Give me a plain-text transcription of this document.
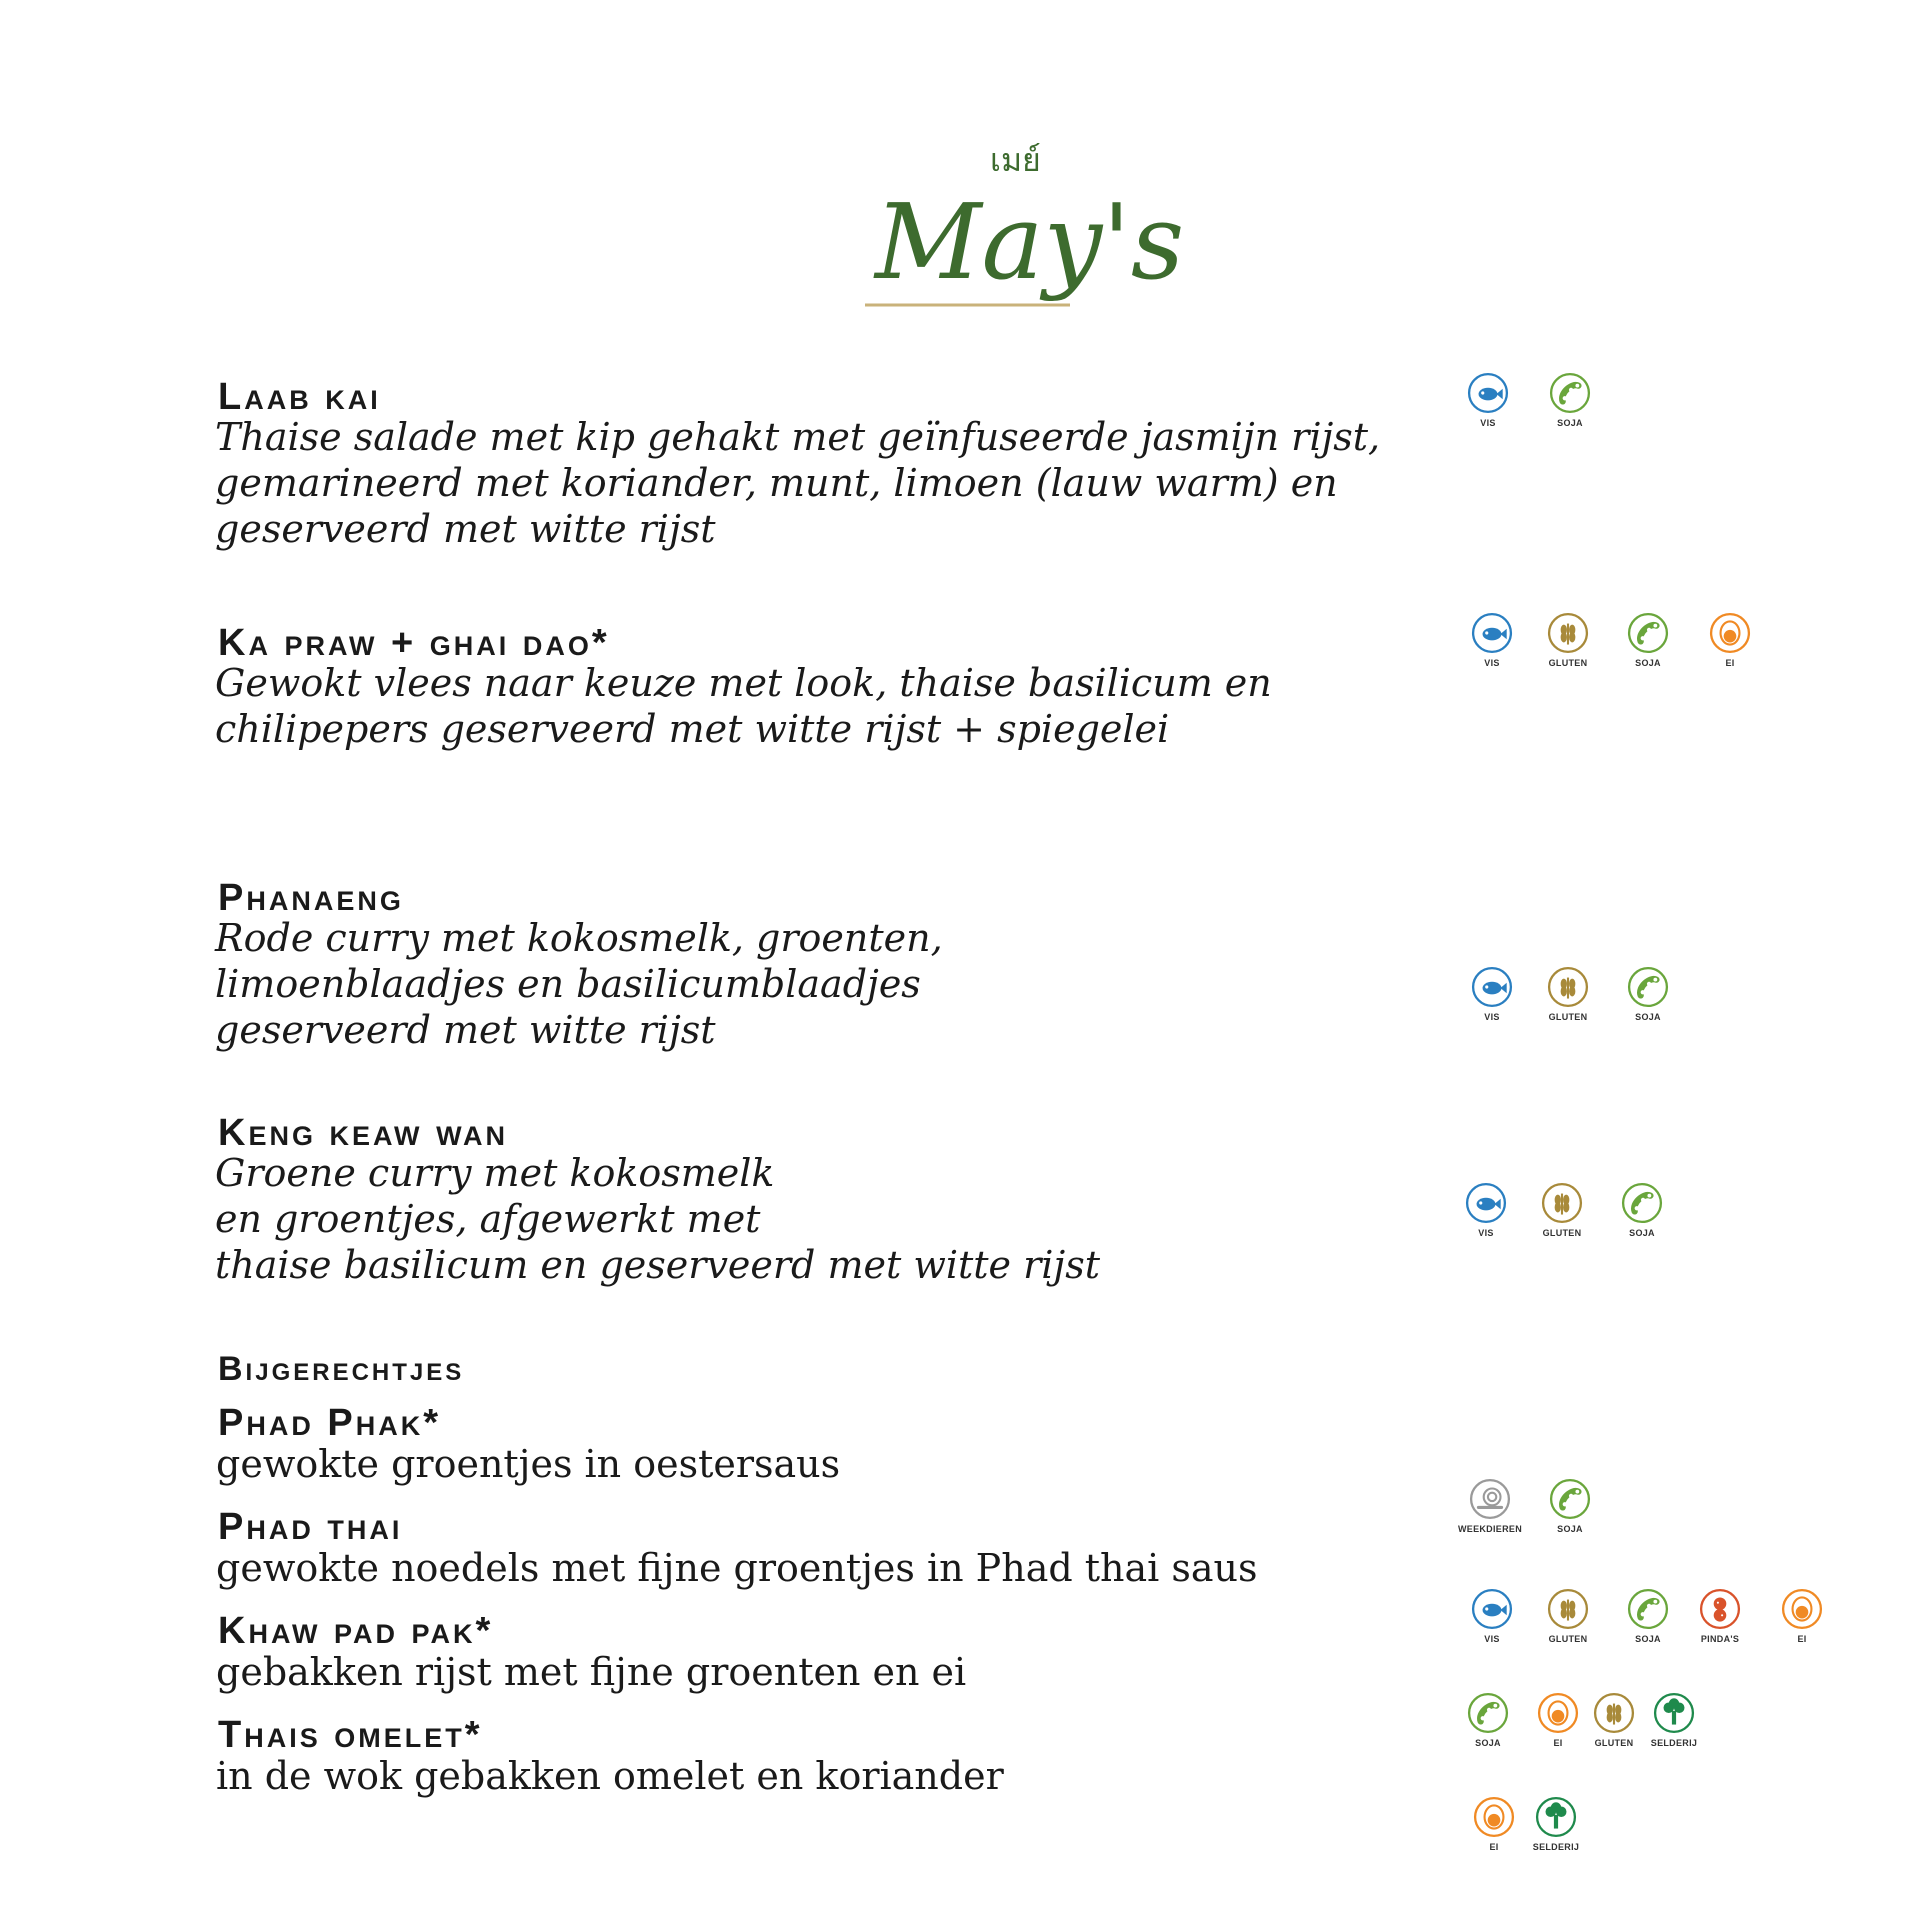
เมย์
May's
Laab kai
Thaise salade met kip gehakt met geïnfuseerde jasmijn rijst,
gemarineerd met koriander, munt, limoen (lauw warm) en
geserveerd met witte rijst
Ka praw + ghai dao*
Gewokt vlees naar keuze met look, thaise basilicum en
chilipepers geserveerd met witte rijst + spiegelei
Phanaeng
Rode curry met kokosmelk, groenten,
limoenblaadjes en basilicumblaadjes
geserveerd met witte rijst
Keng keaw wan
Groene curry met kokosmelk
en groentjes, afgewerkt met
thaise basilicum en geserveerd met witte rijst
Bijgerechtjes
Phad Phak*
gewokte groentjes in oestersaus
Phad thai
gewokte noedels met fijne groentjes in Phad thai saus
Khaw pad pak*
gebakken rijst met fijne groenten en ei
Thais omelet*
in de wok gebakken omelet en koriander
VIS	SOJA
VIS	GLUTEN	SOJA	EI
VIS	GLUTEN	SOJA
VIS	GLUTEN	SOJA
WEEKDIEREN	SOJA
VIS	GLUTEN	SOJA	PINDA'S	EI
SOJA	EI	GLUTEN	SELDERIJ
EI	SELDERIJ
